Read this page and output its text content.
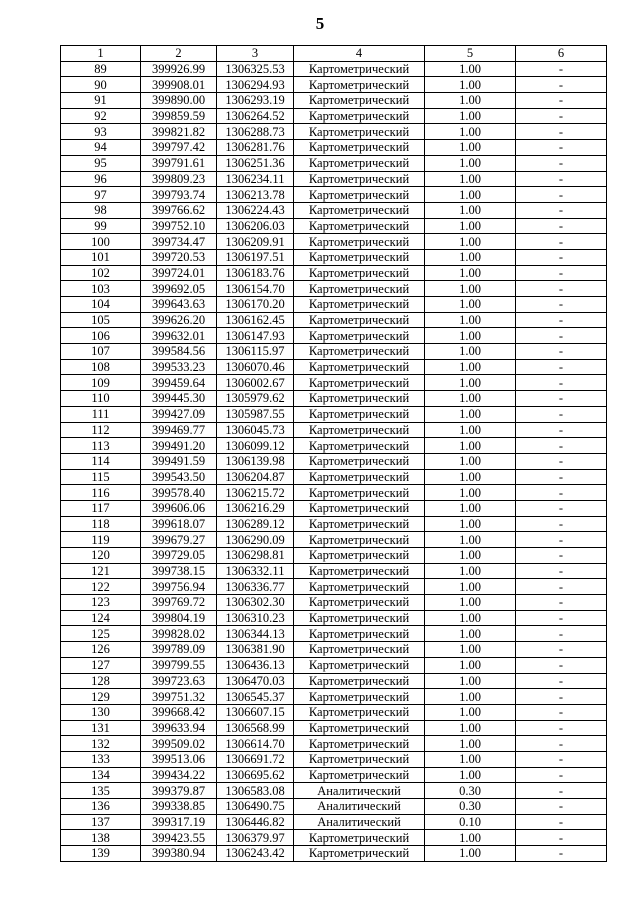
5
1	2	3	4	5	6
89	399926.99	1306325.53	Картометрический	1.00	-
90	399908.01	1306294.93	Картометрический	1.00	-
91	399890.00	1306293.19	Картометрический	1.00	-
92	399859.59	1306264.52	Картометрический	1.00	-
93	399821.82	1306288.73	Картометрический	1.00	-
94	399797.42	1306281.76	Картометрический	1.00	-
95	399791.61	1306251.36	Картометрический	1.00	-
96	399809.23	1306234.11	Картометрический	1.00	-
97	399793.74	1306213.78	Картометрический	1.00	-
98	399766.62	1306224.43	Картометрический	1.00	-
99	399752.10	1306206.03	Картометрический	1.00	-
100	399734.47	1306209.91	Картометрический	1.00	-
101	399720.53	1306197.51	Картометрический	1.00	-
102	399724.01	1306183.76	Картометрический	1.00	-
103	399692.05	1306154.70	Картометрический	1.00	-
104	399643.63	1306170.20	Картометрический	1.00	-
105	399626.20	1306162.45	Картометрический	1.00	-
106	399632.01	1306147.93	Картометрический	1.00	-
107	399584.56	1306115.97	Картометрический	1.00	-
108	399533.23	1306070.46	Картометрический	1.00	-
109	399459.64	1306002.67	Картометрический	1.00	-
110	399445.30	1305979.62	Картометрический	1.00	-
111	399427.09	1305987.55	Картометрический	1.00	-
112	399469.77	1306045.73	Картометрический	1.00	-
113	399491.20	1306099.12	Картометрический	1.00	-
114	399491.59	1306139.98	Картометрический	1.00	-
115	399543.50	1306204.87	Картометрический	1.00	-
116	399578.40	1306215.72	Картометрический	1.00	-
117	399606.06	1306216.29	Картометрический	1.00	-
118	399618.07	1306289.12	Картометрический	1.00	-
119	399679.27	1306290.09	Картометрический	1.00	-
120	399729.05	1306298.81	Картометрический	1.00	-
121	399738.15	1306332.11	Картометрический	1.00	-
122	399756.94	1306336.77	Картометрический	1.00	-
123	399769.72	1306302.30	Картометрический	1.00	-
124	399804.19	1306310.23	Картометрический	1.00	-
125	399828.02	1306344.13	Картометрический	1.00	-
126	399789.09	1306381.90	Картометрический	1.00	-
127	399799.55	1306436.13	Картометрический	1.00	-
128	399723.63	1306470.03	Картометрический	1.00	-
129	399751.32	1306545.37	Картометрический	1.00	-
130	399668.42	1306607.15	Картометрический	1.00	-
131	399633.94	1306568.99	Картометрический	1.00	-
132	399509.02	1306614.70	Картометрический	1.00	-
133	399513.06	1306691.72	Картометрический	1.00	-
134	399434.22	1306695.62	Картометрический	1.00	-
135	399379.87	1306583.08	Аналитический	0.30	-
136	399338.85	1306490.75	Аналитический	0.30	-
137	399317.19	1306446.82	Аналитический	0.10	-
138	399423.55	1306379.97	Картометрический	1.00	-
139	399380.94	1306243.42	Картометрический	1.00	-
